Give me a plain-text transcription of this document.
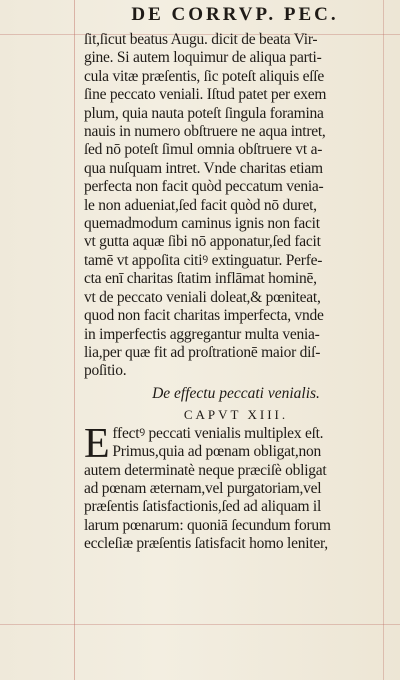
DE CORRVP. PEC.
ſit,ſicut beatus Augu. dicit de beata Vir-
gine. Si autem loquimur de aliqua parti-
cula vitæ præſentis, ſic poteſt aliquis eſſe
ſine peccato veniali. Iſtud patet per exem
plum, quia nauta poteſt ſingula foramina
nauis in numero obſtruere ne aqua intret,
ſed nō poteſt ſimul omnia obſtruere vt a-
qua nuſquam intret. Vnde charitas etiam
perfecta non facit quòd peccatum venia-
le non adueniat,ſed facit quòd nō duret,
quemadmodum caminus ignis non facit
vt gutta aquæ ſibi nō apponatur,ſed facit
tamē vt appoſita citiꝰ extinguatur. Perfe-
cta enī charitas ſtatim inflāmat hominē,
vt de peccato veniali doleat,& pœniteat,
quod non facit charitas imperfecta, vnde
in imperfectis aggregantur multa venia-
lia,per quæ fit ad proſtrationē maior diſ-
poſitio.
De effectu peccati venialis.
CAPVT XIII.
Effectꝰ peccati venialis multiplex eſt.
Primus,quia ad pœnam obligat,non
autem determinatè neque præciſè obligat
ad pœnam æternam,vel purgatoriam,vel
præſentis ſatisfactionis,ſed ad aliquam il
larum pœnarum: quoniā ſecundum forum
eccleſiæ præſentis ſatisfacit homo leniter,
